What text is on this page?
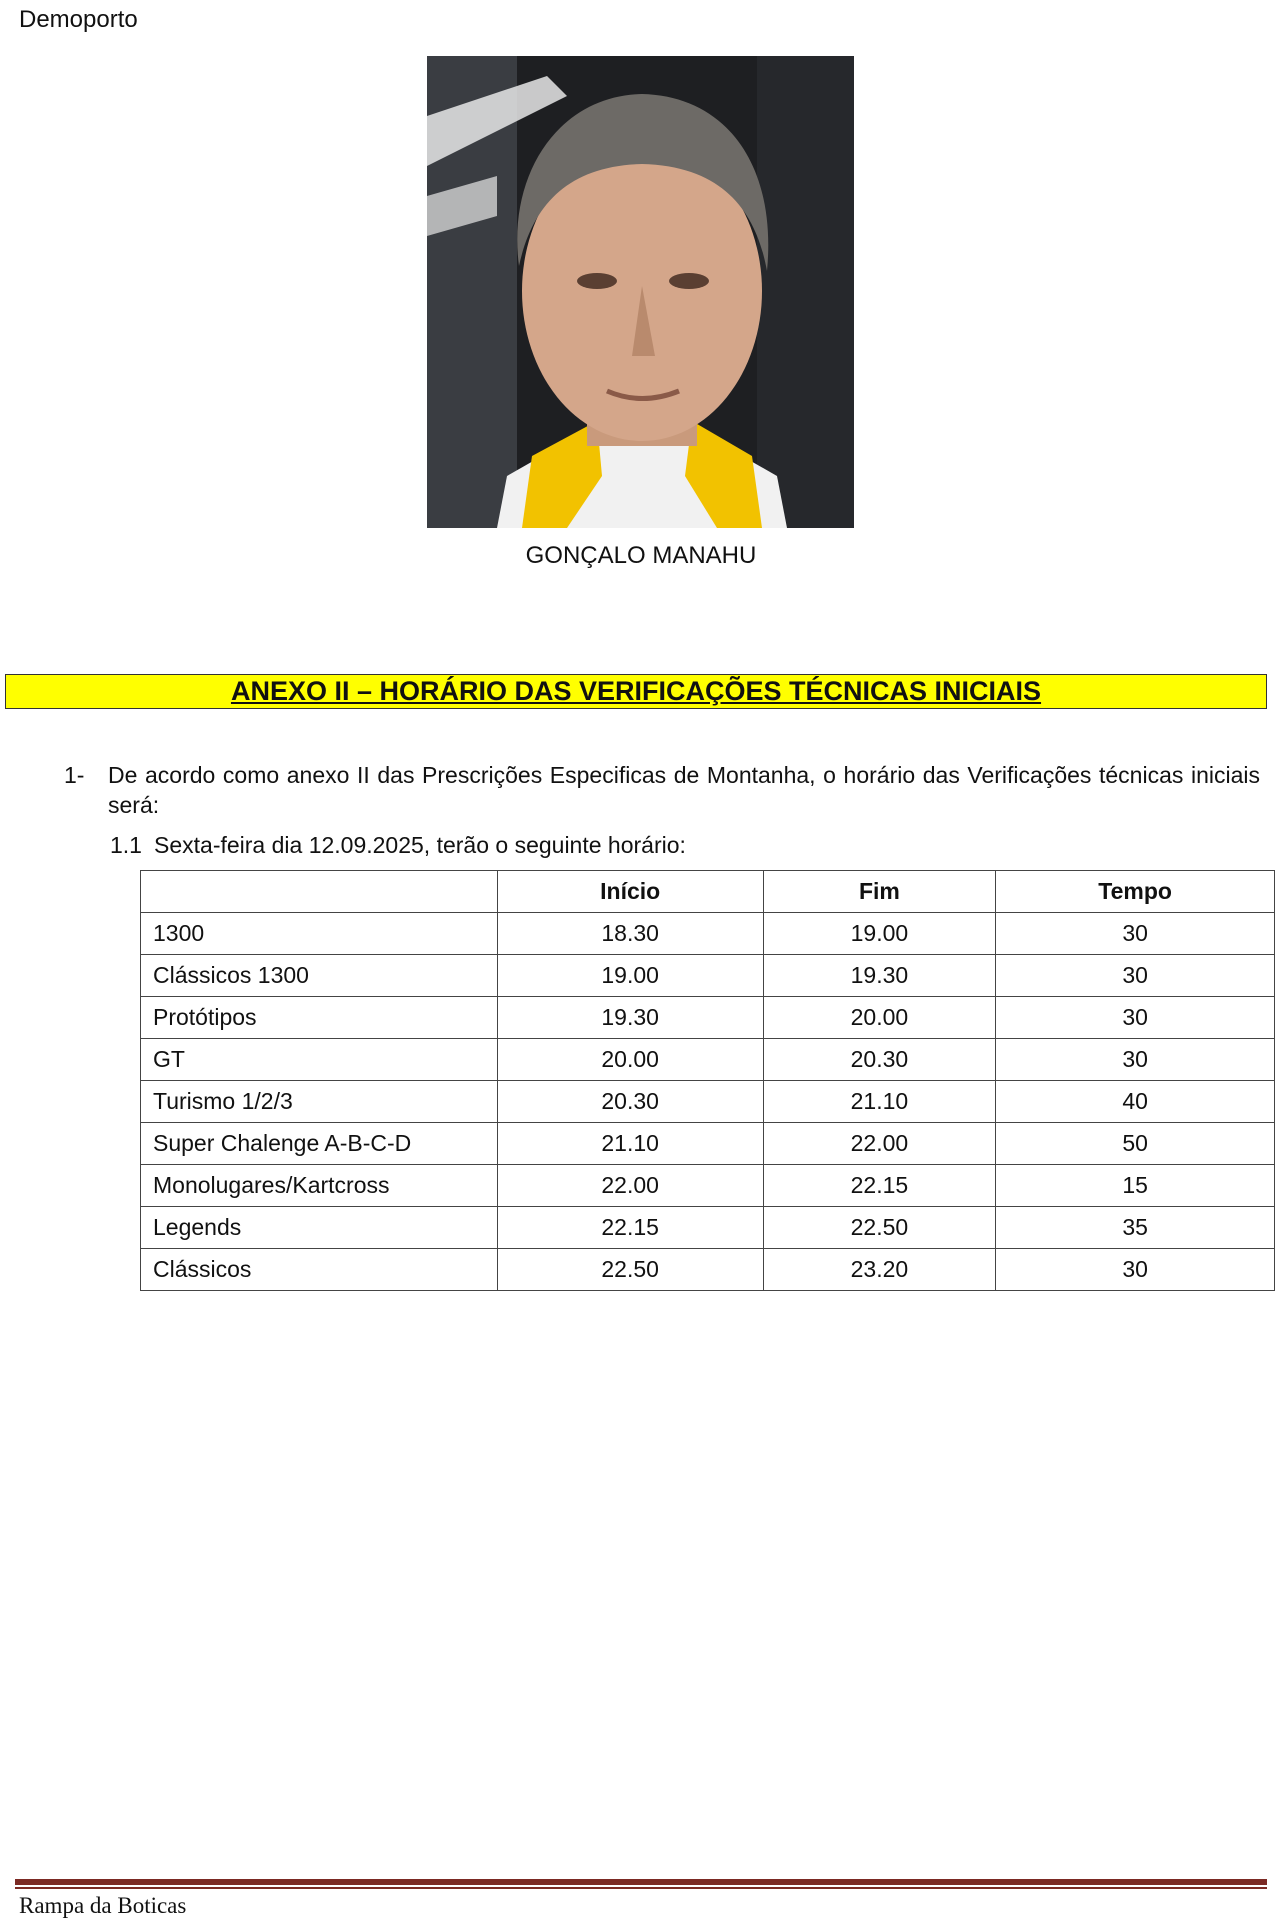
Demoporto
GONÇALO MANAHU
ANEXO II – HORÁRIO DAS VERIFICAÇÕES TÉCNICAS INICIAIS
1- De acordo como anexo II das Prescrições Especificas de Montanha, o horário das Verificações técnicas iniciais será:
1.1 Sexta-feira dia 12.09.2025, terão o seguinte horário:
	Início	Fim	Tempo
1300	18.30	19.00	30
Clássicos 1300	19.00	19.30	30
Protótipos	19.30	20.00	30
GT	20.00	20.30	30
Turismo 1/2/3	20.30	21.10	40
Super Chalenge A-B-C-D	21.10	22.00	50
Monolugares/Kartcross	22.00	22.15	15
Legends	22.15	22.50	35
Clássicos	22.50	23.20	30
Rampa da Boticas
